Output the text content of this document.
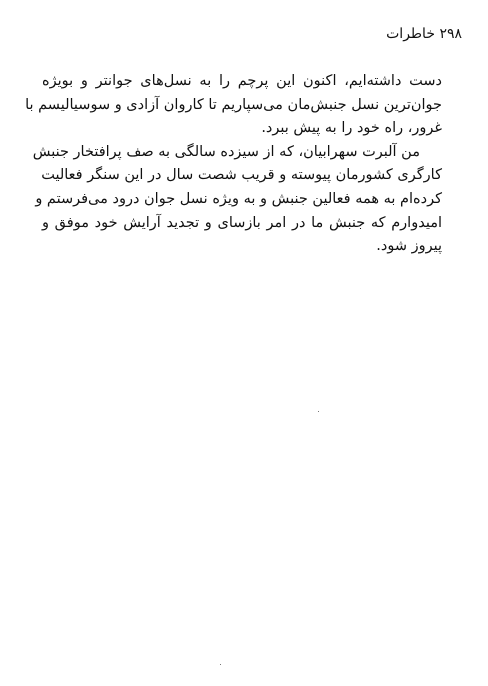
۲۹۸ خاطرات

دست داشته‌ایم، اکنون این پرچم را به نسل‌های جوانتر و بویژه
جوان‌ترین نسل جنبش‌مان می‌سپاریم تا کاروان آزادی و سوسیالیسم با
غرور، راه خود را به پیش ببرد.

من آلبرت سهرابیان، که از سیزده سالگی به صف پرافتخار جنبش
کارگری کشورمان پیوسته و قریب شصت سال در این سنگر فعالیت
کرده‌ام به همه فعالین جنبش و به ویژه نسل جوان درود می‌فرستم و
امیدوارم که جنبش ما در امر بازسای و تجدید آرایش خود موفق و
پیروز شود.
